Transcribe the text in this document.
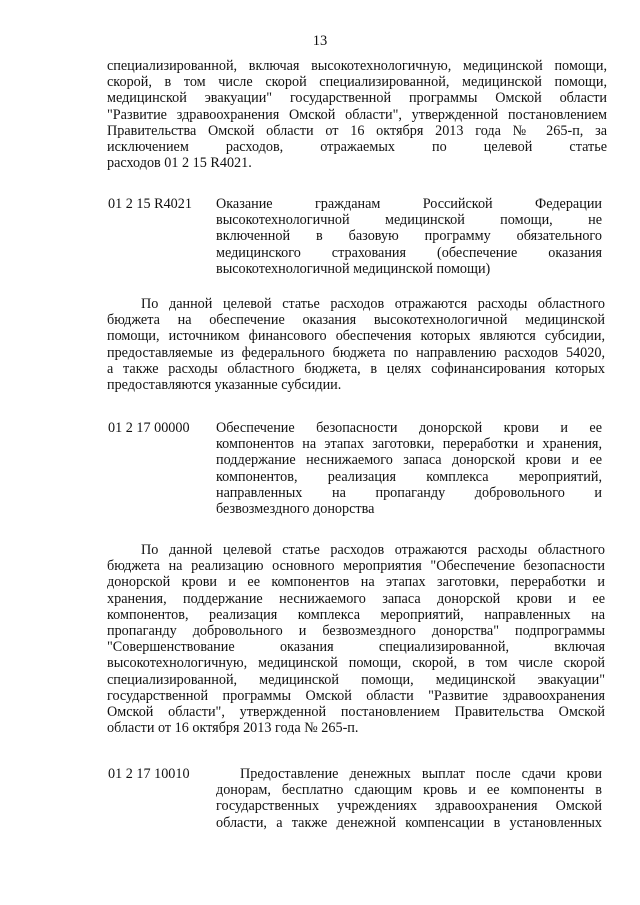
13
специализированной, включая высокотехнологичную, медицинской помощи,
скорой, в том числе скорой специализированной, медицинской помощи,
медицинской эвакуации" государственной программы Омской области
"Развитие здравоохранения Омской области", утвержденной постановлением
Правительства Омской области от 16 октября 2013 года № 265-п, за
исключением расходов, отражаемых по целевой статье
расходов 01 2 15 R4021.
01 2 15 R4021 Оказание гражданам Российской Федерации
высокотехнологичной медицинской помощи, не
включенной в базовую программу обязательного
медицинского страхования (обеспечение оказания
высокотехнологичной медицинской помощи)
По данной целевой статье расходов отражаются расходы областного
бюджета на обеспечение оказания высокотехнологичной медицинской
помощи, источником финансового обеспечения которых являются субсидии,
предоставляемые из федерального бюджета по направлению расходов 54020,
а также расходы областного бюджета, в целях софинансирования которых
предоставляются указанные субсидии.
01 2 17 00000 Обеспечение безопасности донорской крови и ее
компонентов на этапах заготовки, переработки и хранения,
поддержание неснижаемого запаса донорской крови и ее
компонентов, реализация комплекса мероприятий,
направленных на пропаганду добровольного и
безвозмездного донорства
По данной целевой статье расходов отражаются расходы областного
бюджета на реализацию основного мероприятия "Обеспечение безопасности
донорской крови и ее компонентов на этапах заготовки, переработки и
хранения, поддержание неснижаемого запаса донорской крови и ее
компонентов, реализация комплекса мероприятий, направленных на
пропаганду добровольного и безвозмездного донорства" подпрограммы
"Совершенствование оказания специализированной, включая
высокотехнологичную, медицинской помощи, скорой, в том числе скорой
специализированной, медицинской помощи, медицинской эвакуации"
государственной программы Омской области "Развитие здравоохранения
Омской области", утвержденной постановлением Правительства Омской
области от 16 октября 2013 года № 265-п.
01 2 17 10010	Предоставление денежных выплат после сдачи крови
донорам, бесплатно сдающим кровь и ее компоненты в
государственных учреждениях здравоохранения Омской
области, а также денежной компенсации в установленных
